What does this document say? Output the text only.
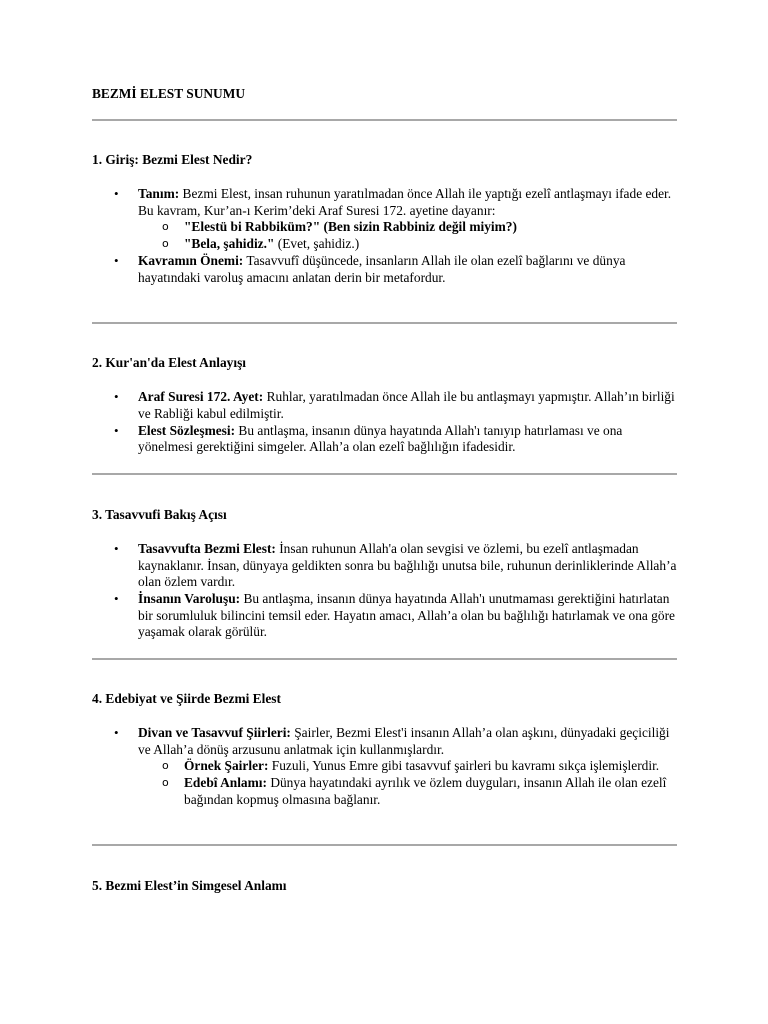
BEZMİ ELEST SUNUMU
1. Giriş: Bezmi Elest Nedir?
• Tanım: Bezmi Elest, insan ruhunun yaratılmadan önce Allah ile yaptığı ezelî antlaşmayı ifade eder. Bu kavram, Kur’an-ı Kerim’deki Araf Suresi 172. ayetine dayanır:
o "Elestü bi Rabbiküm?" (Ben sizin Rabbiniz değil miyim?)
o "Bela, şahidiz." (Evet, şahidiz.)
• Kavramın Önemi: Tasavvufî düşüncede, insanların Allah ile olan ezelî bağlarını ve dünya hayatındaki varoluş amacını anlatan derin bir metafordur.
2. Kur'an'da Elest Anlayışı
• Araf Suresi 172. Ayet: Ruhlar, yaratılmadan önce Allah ile bu antlaşmayı yapmıştır. Allah’ın birliği ve Rabliği kabul edilmiştir.
• Elest Sözleşmesi: Bu antlaşma, insanın dünya hayatında Allah'ı tanıyıp hatırlaması ve ona yönelmesi gerektiğini simgeler. Allah’a olan ezelî bağlılığın ifadesidir.
3. Tasavvufi Bakış Açısı
• Tasavvufta Bezmi Elest: İnsan ruhunun Allah'a olan sevgisi ve özlemi, bu ezelî antlaşmadan kaynaklanır. İnsan, dünyaya geldikten sonra bu bağlılığı unutsa bile, ruhunun derinliklerinde Allah’a olan özlem vardır.
• İnsanın Varoluşu: Bu antlaşma, insanın dünya hayatında Allah'ı unutmaması gerektiğini hatırlatan bir sorumluluk bilincini temsil eder. Hayatın amacı, Allah’a olan bu bağlılığı hatırlamak ve ona göre yaşamak olarak görülür.
4. Edebiyat ve Şiirde Bezmi Elest
• Divan ve Tasavvuf Şiirleri: Şairler, Bezmi Elest'i insanın Allah’a olan aşkını, dünyadaki geçiciliği ve Allah’a dönüş arzusunu anlatmak için kullanmışlardır.
o Örnek Şairler: Fuzuli, Yunus Emre gibi tasavvuf şairleri bu kavramı sıkça işlemişlerdir.
o Edebî Anlamı: Dünya hayatındaki ayrılık ve özlem duyguları, insanın Allah ile olan ezelî bağından kopmuş olmasına bağlanır.
5. Bezmi Elest’in Simgesel Anlamı
